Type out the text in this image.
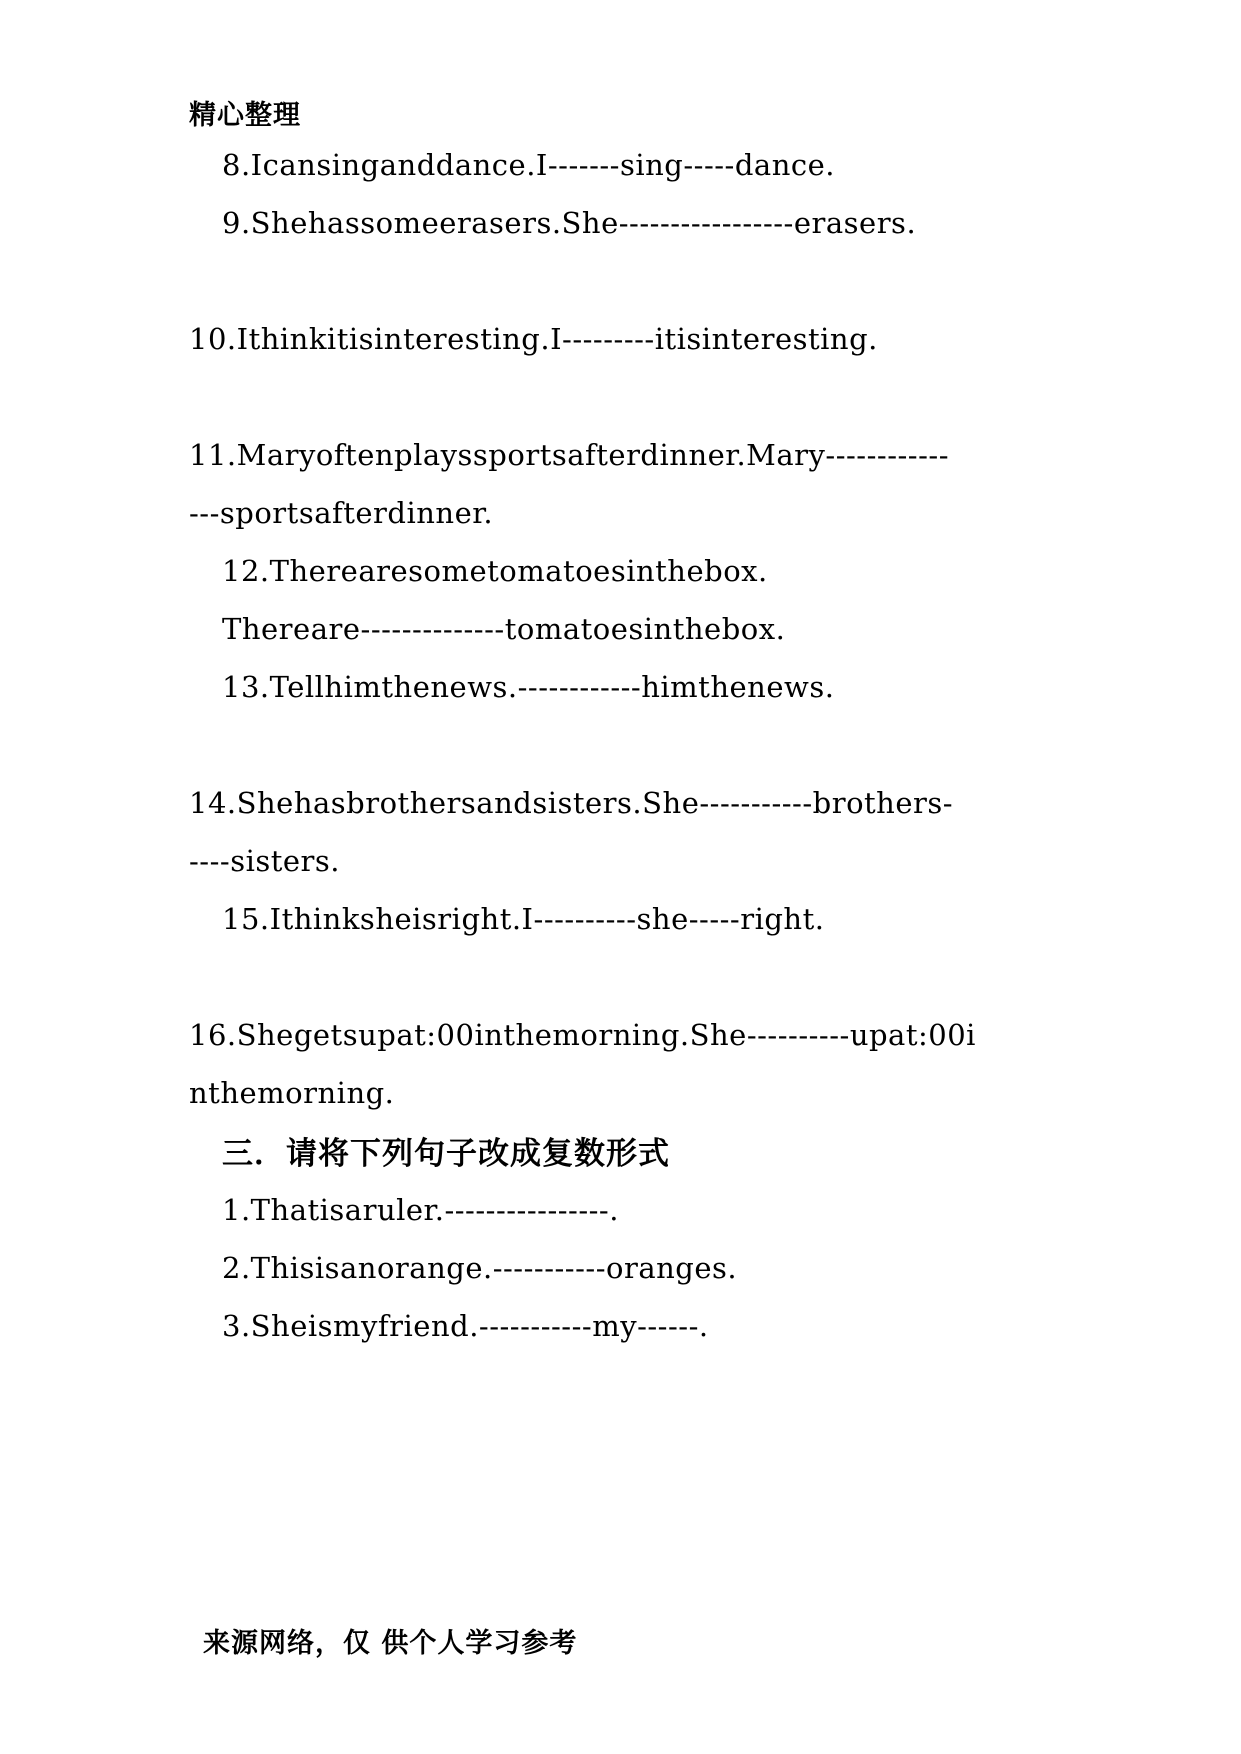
精心整理
8.Icansinganddance.I-------sing-----dance.
9.Shehassomeerasers.She-----------------erasers.
10.Ithinkitisinteresting.I---------itisinteresting.
11.Maryoftenplayssportsafterdinner.Mary------------
---sportsafterdinner.
12.Therearesometomatoesinthebox.
Thereare--------------tomatoesinthebox.
13.Tellhimthenews.------------himthenews.
14.Shehasbrothersandsisters.She-----------brothers-
----sisters.
15.Ithinksheisright.I----------she-----right.
16.Shegetsupat:00inthemorning.She----------upat:00i
nthemorning.
三．请将下列句子改成复数形式
1.Thatisaruler.----------------.
2.Thisisanorange.-----------oranges.
3.Sheismyfriend.-----------my------.
来源网络，仅 供个人学习参考
